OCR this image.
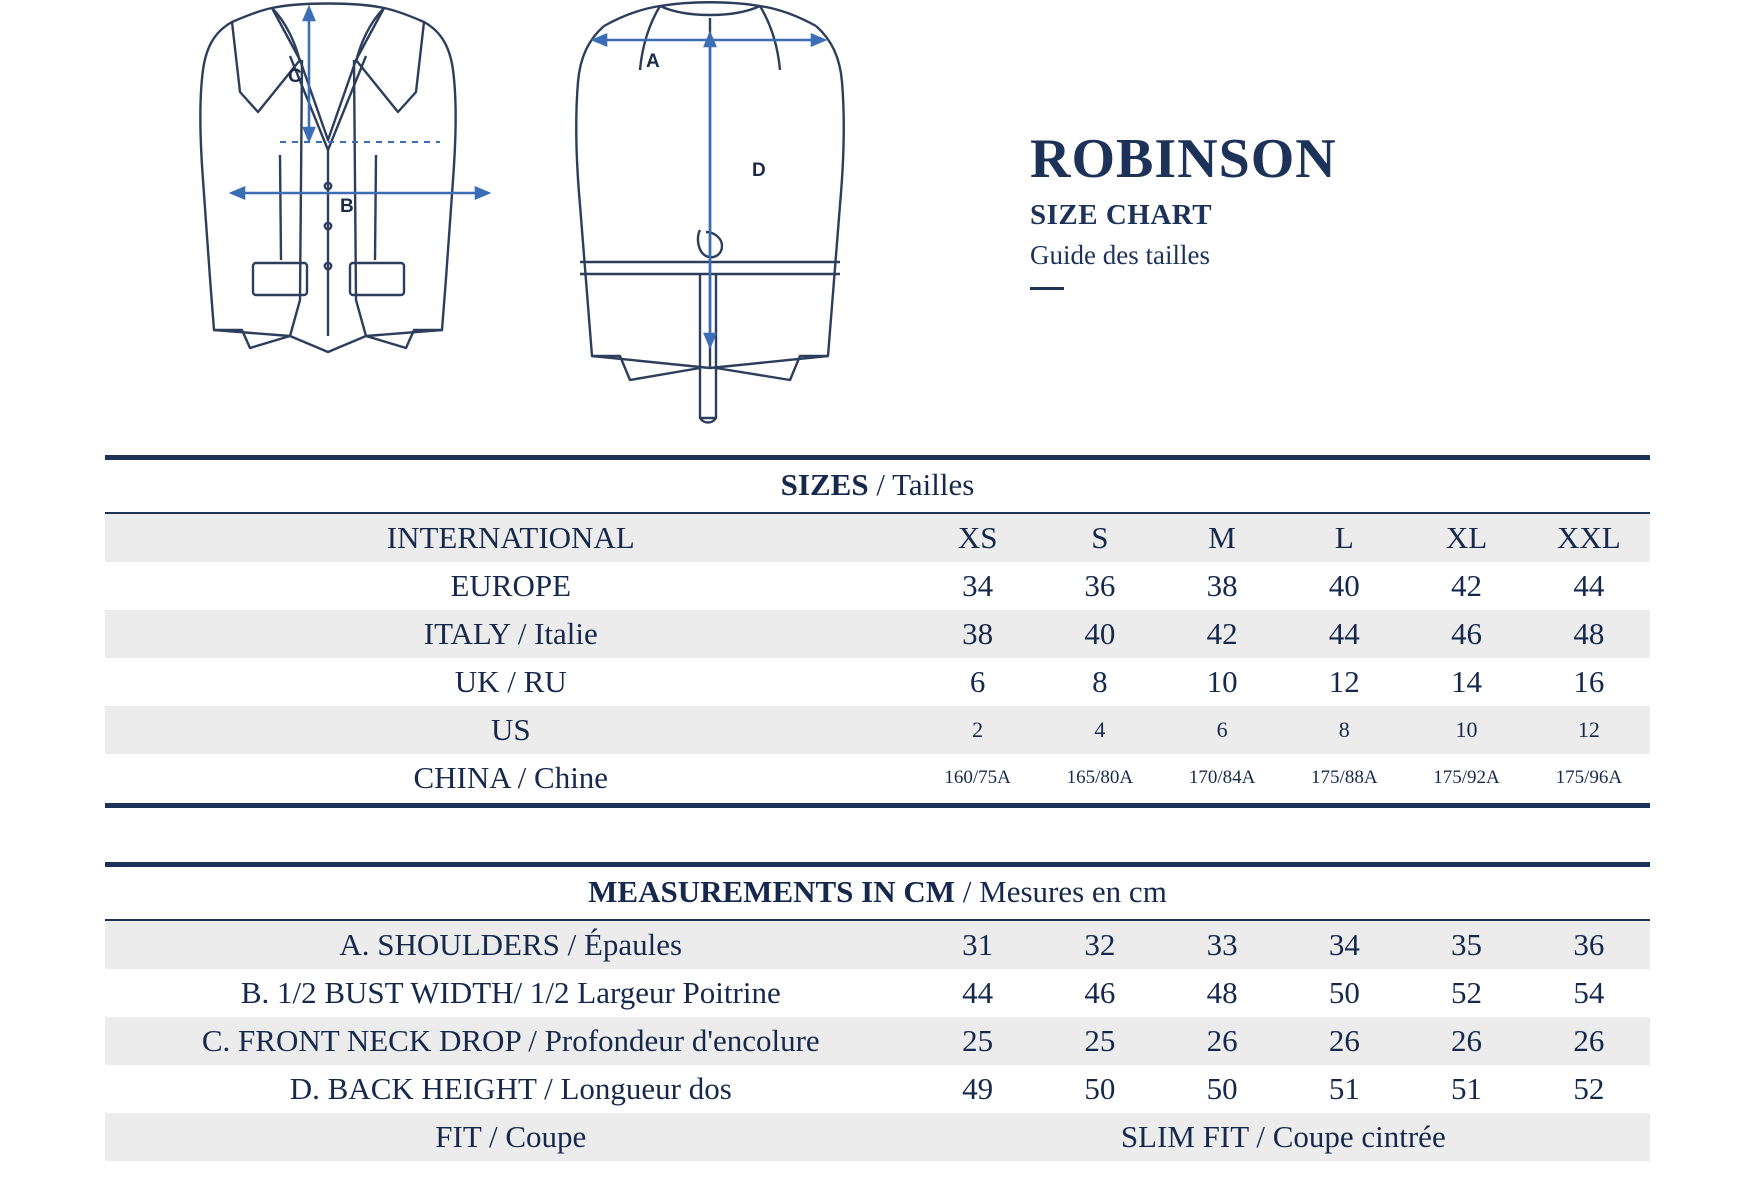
C
B
A
D	ROBINSON
SIZE CHART
Guide des tailles
SIZES / Tailles						
INTERNATIONAL	XS	S	M	L	XL	XXL
EUROPE	34	36	38	40	42	44
ITALY / Italie	38	40	42	44	46	48
UK / RU	6	8	10	12	14	16
US	2	4	6	8	10	12
CHINA / Chine	160/75A	165/80A	170/84A	175/88A	175/92A	175/96A
MEASUREMENTS IN CM / Mesures en cm						
A. SHOULDERS / Épaules	31	32	33	34	35	36
B. 1/2 BUST WIDTH/ 1/2 Largeur Poitrine	44	46	48	50	52	54
C. FRONT NECK DROP / Profondeur d'encolure	25	25	26	26	26	26
D. BACK HEIGHT / Longueur dos	49	50	50	51	51	52
FIT / Coupe	SLIM FIT / Coupe cintrée					
